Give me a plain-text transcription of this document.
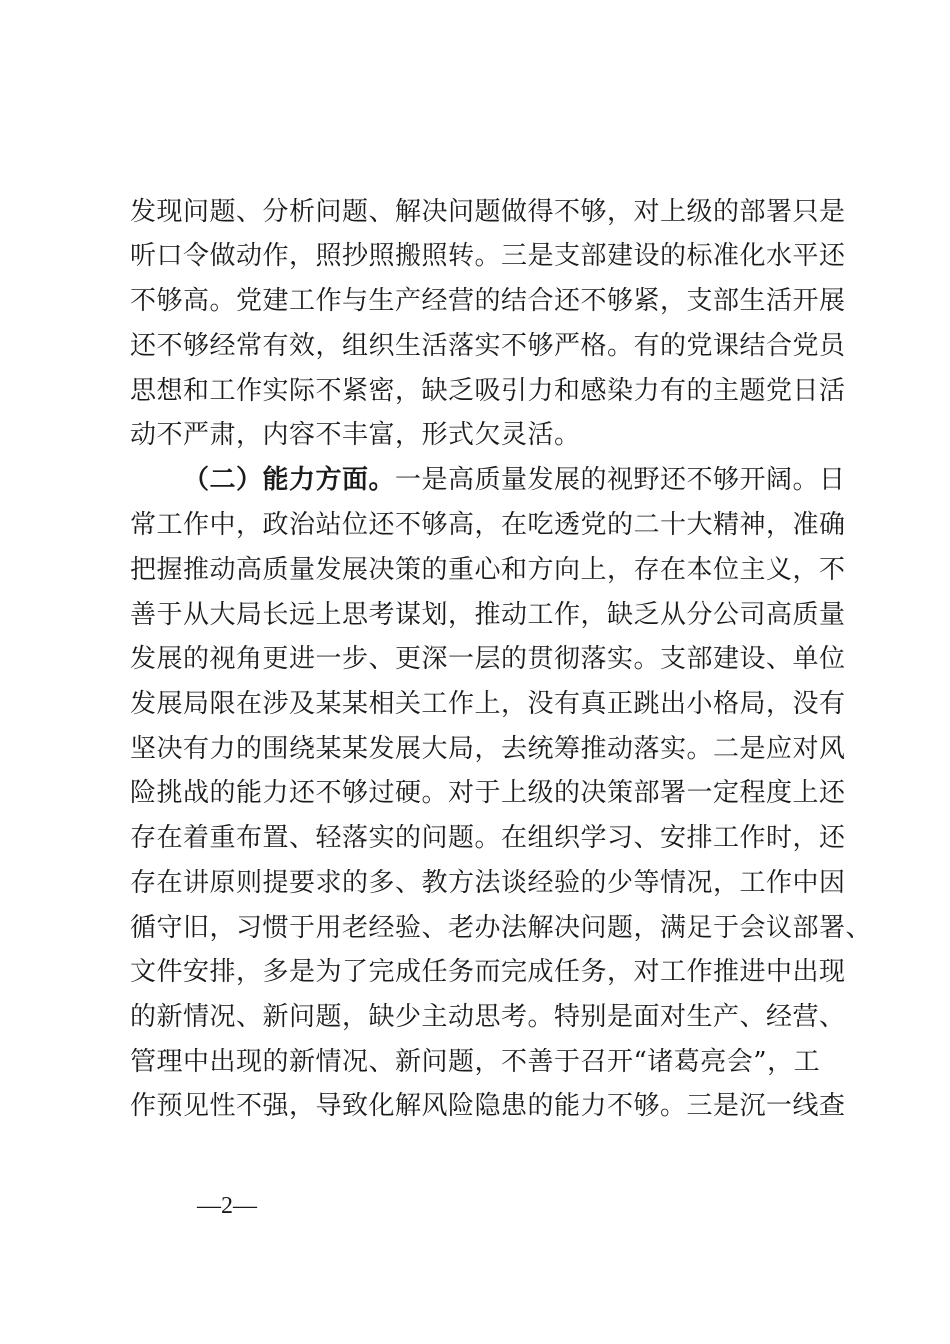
发现问题、分析问题、解决问题做得不够，对上级的部署只是
听口令做动作，照抄照搬照转。三是支部建设的标准化水平还
不够高。党建工作与生产经营的结合还不够紧，支部生活开展
还不够经常有效，组织生活落实不够严格。有的党课结合党员
思想和工作实际不紧密，缺乏吸引力和感染力有的主题党日活
动不严肃，内容不丰富，形式欠灵活。
（二）能力方面。一是高质量发展的视野还不够开阔。日
常工作中，政治站位还不够高，在吃透党的二十大精神，准确
把握推动高质量发展决策的重心和方向上，存在本位主义，不
善于从大局长远上思考谋划，推动工作，缺乏从分公司高质量
发展的视角更进一步、更深一层的贯彻落实。支部建设、单位
发展局限在涉及某某相关工作上，没有真正跳出小格局，没有
坚决有力的围绕某某发展大局，去统筹推动落实。二是应对风
险挑战的能力还不够过硬。对于上级的决策部署一定程度上还
存在着重布置、轻落实的问题。在组织学习、安排工作时，还
存在讲原则提要求的多、教方法谈经验的少等情况，工作中因
循守旧，习惯于用老经验、老办法解决问题，满足于会议部署、
文件安排，多是为了完成任务而完成任务，对工作推进中出现
的新情况、新问题，缺少主动思考。特别是面对生产、经营、
管理中出现的新情况、新问题，不善于召开“诸葛亮会”，工
作预见性不强，导致化解风险隐患的能力不够。三是沉一线查
—2—
